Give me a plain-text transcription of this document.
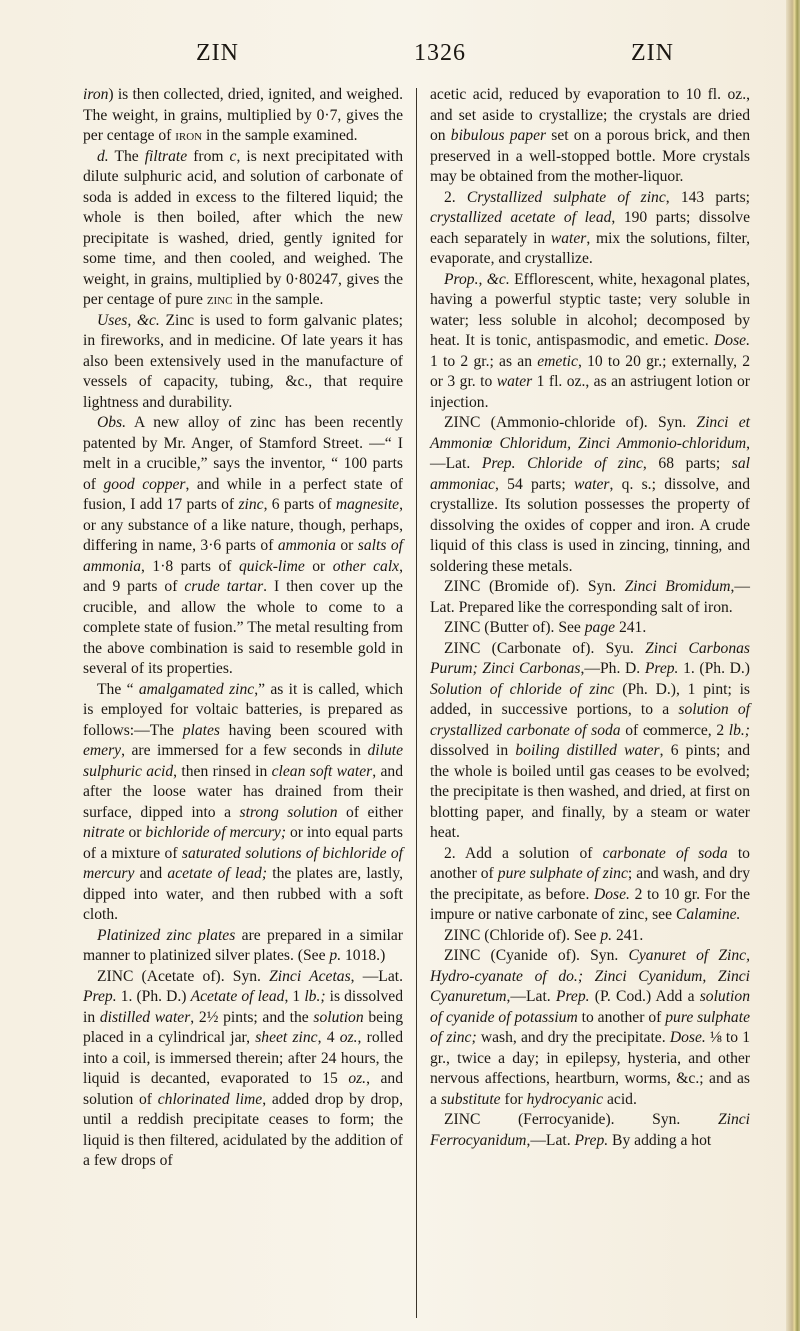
ZIN	1326	ZIN

iron) is then collected, dried, ignited, and weighed. The weight, in grains, multiplied by 0·7, gives the per centage of iron in the sample examined.

d. The filtrate from c, is next precipitated with dilute sulphuric acid, and solution of carbonate of soda is added in excess to the filtered liquid; the whole is then boiled, after which the new precipitate is washed, dried, gently ignited for some time, and then cooled, and weighed. The weight, in grains, multiplied by 0·80247, gives the per centage of pure zinc in the sample.

Uses, &c. Zinc is used to form galvanic plates; in fireworks, and in medicine. Of late years it has also been extensively used in the manufacture of vessels of capacity, tubing, &c., that require lightness and durability.

Obs. A new alloy of zinc has been recently patented by Mr. Anger, of Stamford Street. —“ I melt in a crucible,” says the inventor, “ 100 parts of good copper, and while in a perfect state of fusion, I add 17 parts of zinc, 6 parts of magnesite, or any substance of a like nature, though, perhaps, differing in name, 3·6 parts of ammonia or salts of ammonia, 1·8 parts of quick-lime or other calx, and 9 parts of crude tartar. I then cover up the crucible, and allow the whole to come to a complete state of fusion.” The metal resulting from the above combination is said to resemble gold in several of its properties.

The “ amalgamated zinc,” as it is called, which is employed for voltaic batteries, is prepared as follows:—The plates having been scoured with emery, are immersed for a few seconds in dilute sulphuric acid, then rinsed in clean soft water, and after the loose water has drained from their surface, dipped into a strong solution of either nitrate or bichloride of mercury; or into equal parts of a mixture of saturated solutions of bichloride of mercury and acetate of lead; the plates are, lastly, dipped into water, and then rubbed with a soft cloth.

Platinized zinc plates are prepared in a similar manner to platinized silver plates. (See p. 1018.)

ZINC (Acetate of). Syn. Zinci Acetas, —Lat. Prep. 1. (Ph. D.) Acetate of lead, 1 lb.; is dissolved in distilled water, 2½ pints; and the solution being placed in a cylindrical jar, sheet zinc, 4 oz., rolled into a coil, is immersed therein; after 24 hours, the liquid is decanted, evaporated to 15 oz., and solution of chlorinated lime, added drop by drop, until a reddish precipitate ceases to form; the liquid is then filtered, acidulated by the addition of a few drops of

acetic acid, reduced by evaporation to 10 fl. oz., and set aside to crystallize; the crystals are dried on bibulous paper set on a porous brick, and then preserved in a well-stopped bottle. More crystals may be obtained from the mother-liquor.

2. Crystallized sulphate of zinc, 143 parts; crystallized acetate of lead, 190 parts; dissolve each separately in water, mix the solutions, filter, evaporate, and crystallize.

Prop., &c. Efflorescent, white, hexagonal plates, having a powerful styptic taste; very soluble in water; less soluble in alcohol; decomposed by heat. It is tonic, antispasmodic, and emetic. Dose. 1 to 2 gr.; as an emetic, 10 to 20 gr.; externally, 2 or 3 gr. to water 1 fl. oz., as an astriugent lotion or injection.

ZINC (Ammonio-chloride of). Syn. Zinci et Ammoniœ Chloridum, Zinci Ammonio-chloridum,—Lat. Prep. Chloride of zinc, 68 parts; sal ammoniac, 54 parts; water, q. s.; dissolve, and crystallize. Its solution possesses the property of dissolving the oxides of copper and iron. A crude liquid of this class is used in zincing, tinning, and soldering these metals.

ZINC (Bromide of). Syn. Zinci Bromidum,—Lat. Prepared like the corresponding salt of iron.

ZINC (Butter of). See page 241.

ZINC (Carbonate of). Syu. Zinci Carbonas Purum; Zinci Carbonas,—Ph. D. Prep. 1. (Ph. D.) Solution of chloride of zinc (Ph. D.), 1 pint; is added, in successive portions, to a solution of crystallized carbonate of soda of c̴ommerce, 2 lb.; dissolved in boiling distilled water, 6 pints; and the whole is boiled until gas ceases to be evolved; the precipitate is then washed, and dried, at first on blotting paper, and finally, by a steam or water heat.

2. Add a solution of carbonate of soda to another of pure sulphate of zinc; and wash, and dry the precipitate, as before. Dose. 2 to 10 gr. For the impure or native carbonate of zinc, see Calamine.

ZINC (Chloride of). See p. 241.

ZINC (Cyanide of). Syn. Cyanuret of Zinc, Hydro-cyanate of do.; Zinci Cyanidum, Zinci Cyanuretum,—Lat. Prep. (P. Cod.) Add a solution of cyanide of potassium to another of pure sulphate of zinc; wash, and dry the precipitate. Dose. ⅛ to 1 gr., twice a day; in epilepsy, hysteria, and other nervous affections, heartburn, worms, &c.; and as a substitute for hydrocyanic acid.

ZINC (Ferrocyanide). Syn. Zinci Ferrocyanidum,—Lat. Prep. By adding a hot
